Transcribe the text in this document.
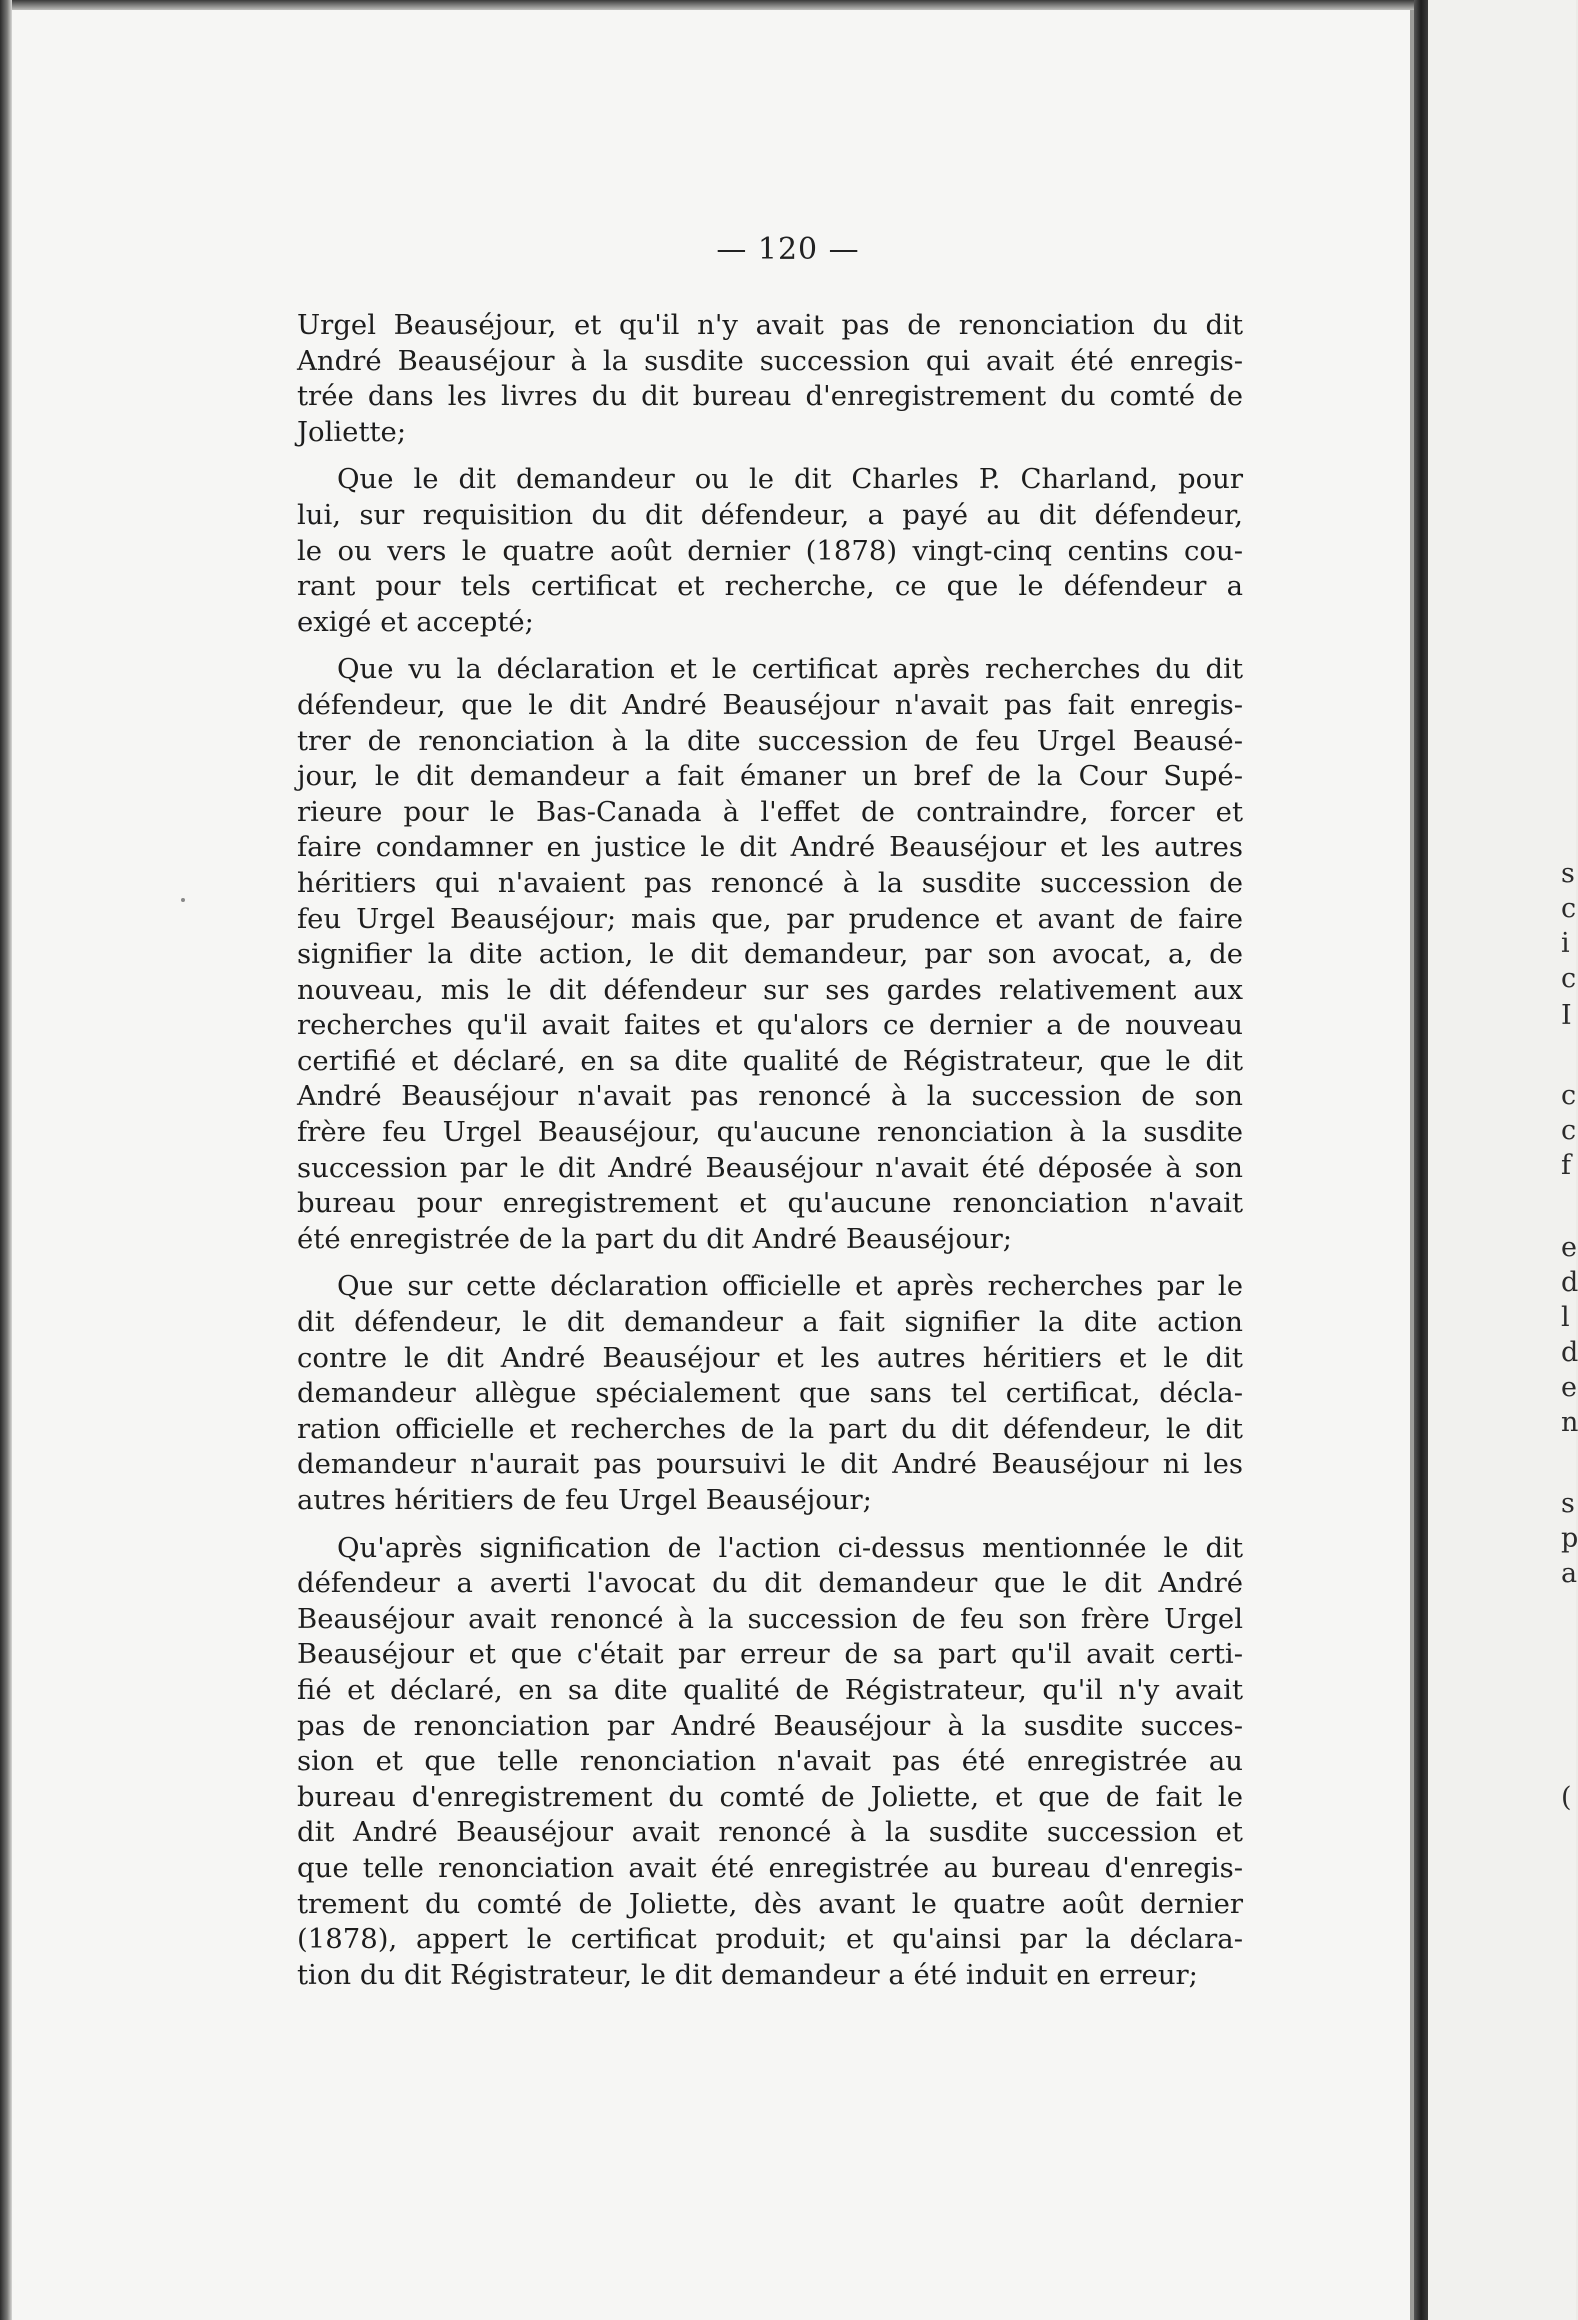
s
c
i
c
I
c
c
f
e
d
l
d
e
n
s
p
a
(
— 120 —
Urgel Beauséjour, et qu'il n'y avait pas de renonciation du dit
André Beauséjour à la susdite succession qui avait été enregis-
trée dans les livres du dit bureau d'enregistrement du comté de
Joliette;
Que le dit demandeur ou le dit Charles P. Charland, pour
lui, sur requisition du dit défendeur, a payé au dit défendeur,
le ou vers le quatre août dernier (1878) vingt-cinq centins cou-
rant pour tels certificat et recherche, ce que le défendeur a
exigé et accepté;
Que vu la déclaration et le certificat après recherches du dit
défendeur, que le dit André Beauséjour n'avait pas fait enregis-
trer de renonciation à la dite succession de feu Urgel Beausé-
jour, le dit demandeur a fait émaner un bref de la Cour Supé-
rieure pour le Bas-Canada à l'effet de contraindre, forcer et
faire condamner en justice le dit André Beauséjour et les autres
héritiers qui n'avaient pas renoncé à la susdite succession de
feu Urgel Beauséjour; mais que, par prudence et avant de faire
signifier la dite action, le dit demandeur, par son avocat, a, de
nouveau, mis le dit défendeur sur ses gardes relativement aux
recherches qu'il avait faites et qu'alors ce dernier a de nouveau
certifié et déclaré, en sa dite qualité de Régistrateur, que le dit
André Beauséjour n'avait pas renoncé à la succession de son
frère feu Urgel Beauséjour, qu'aucune renonciation à la susdite
succession par le dit André Beauséjour n'avait été déposée à son
bureau pour enregistrement et qu'aucune renonciation n'avait
été enregistrée de la part du dit André Beauséjour;
Que sur cette déclaration officielle et après recherches par le
dit défendeur, le dit demandeur a fait signifier la dite action
contre le dit André Beauséjour et les autres héritiers et le dit
demandeur allègue spécialement que sans tel certificat, décla-
ration officielle et recherches de la part du dit défendeur, le dit
demandeur n'aurait pas poursuivi le dit André Beauséjour ni les
autres héritiers de feu Urgel Beauséjour;
Qu'après signification de l'action ci-dessus mentionnée le dit
défendeur a averti l'avocat du dit demandeur que le dit André
Beauséjour avait renoncé à la succession de feu son frère Urgel
Beauséjour et que c'était par erreur de sa part qu'il avait certi-
fié et déclaré, en sa dite qualité de Régistrateur, qu'il n'y avait
pas de renonciation par André Beauséjour à la susdite succes-
sion et que telle renonciation n'avait pas été enregistrée au
bureau d'enregistrement du comté de Joliette, et que de fait le
dit André Beauséjour avait renoncé à la susdite succession et
que telle renonciation avait été enregistrée au bureau d'enregis-
trement du comté de Joliette, dès avant le quatre août dernier
(1878), appert le certificat produit; et qu'ainsi par la déclara-
tion du dit Régistrateur, le dit demandeur a été induit en erreur;
